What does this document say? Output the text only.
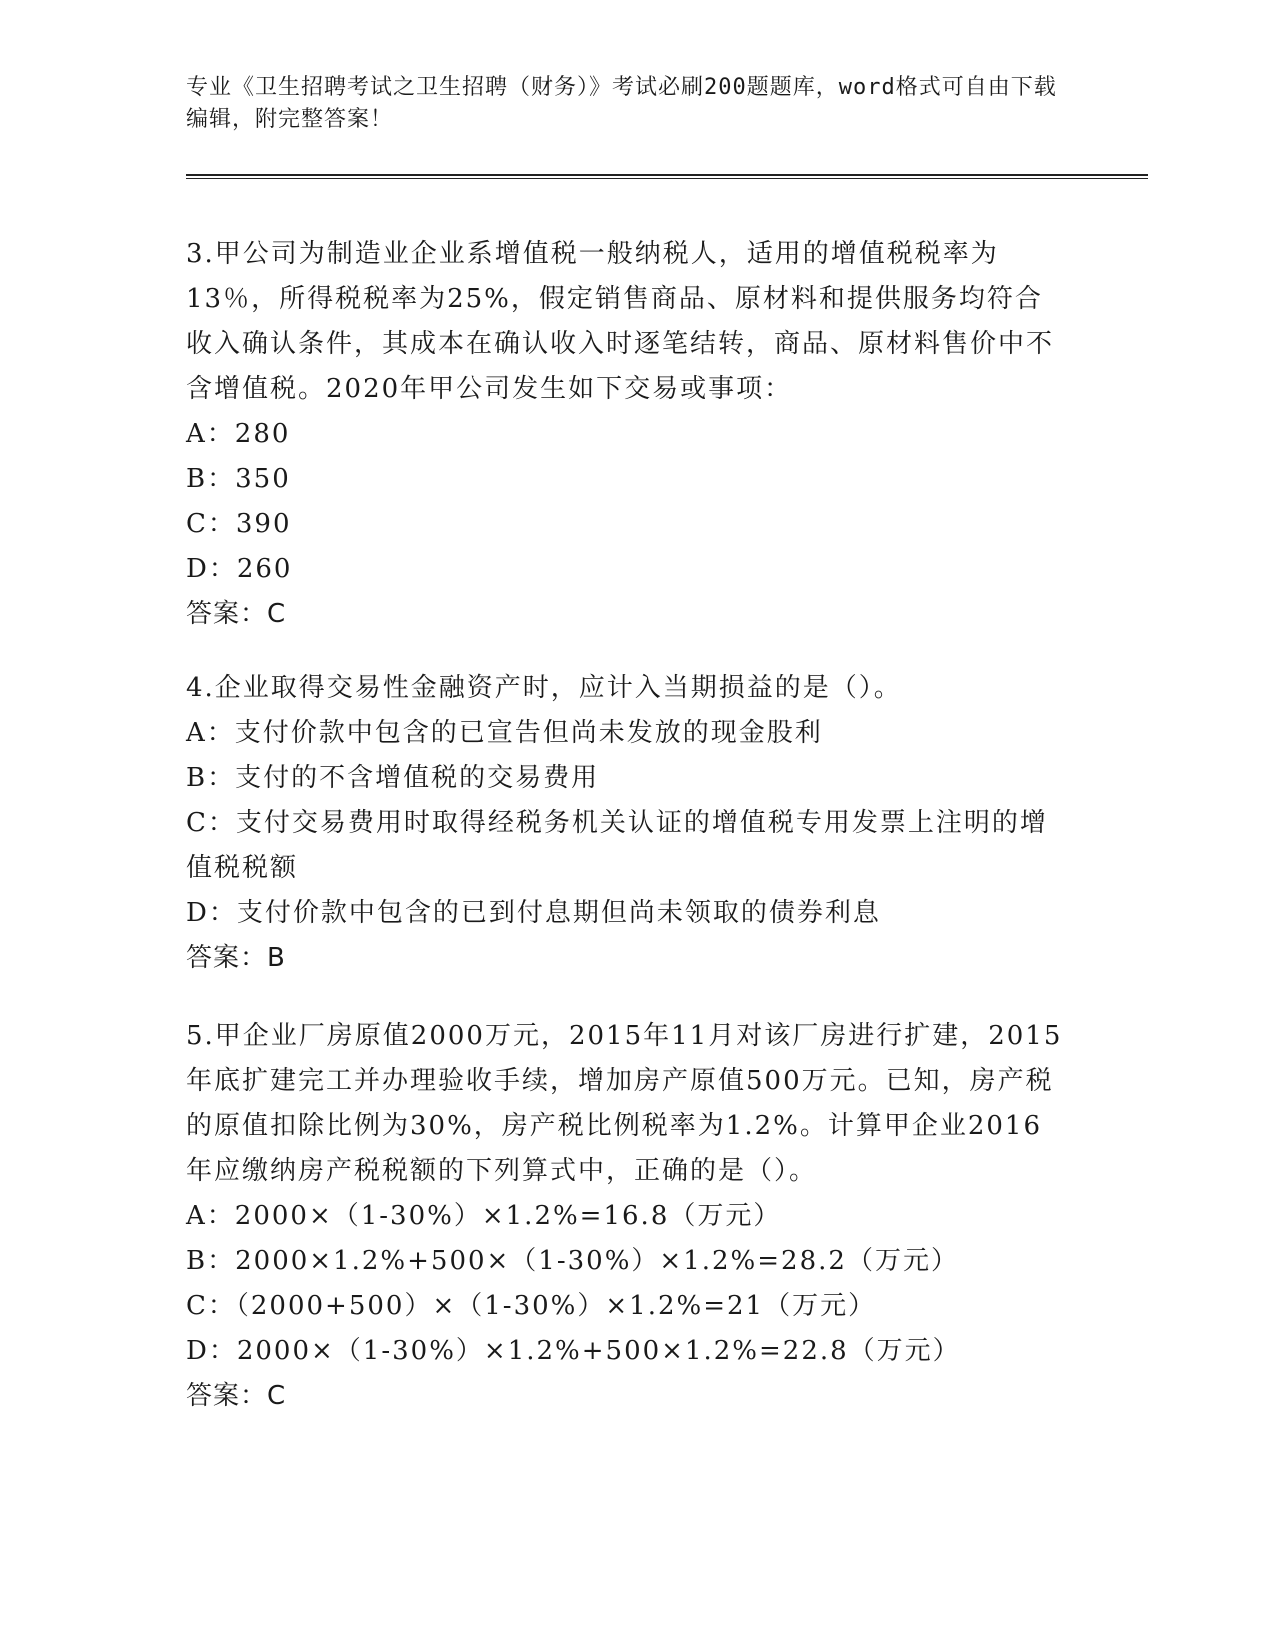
专业《卫生招聘考试之卫生招聘（财务）》考试必刷200题题库，word格式可自由下载编辑，附完整答案！

3.甲公司为制造业企业系增值税一般纳税人，适用的增值税税率为13％，所得税税率为25%，假定销售商品、原材料和提供服务均符合收入确认条件，其成本在确认收入时逐笔结转，商品、原材料售价中不含增值税。2020年甲公司发生如下交易或事项：

A：280

B：350

C：390

D：260

答案：C

4.企业取得交易性金融资产时，应计入当期损益的是（）。

A：支付价款中包含的已宣告但尚未发放的现金股利

B：支付的不含增值税的交易费用

C：支付交易费用时取得经税务机关认证的增值税专用发票上注明的增值税税额

D：支付价款中包含的已到付息期但尚未领取的债券利息

答案：B

5.甲企业厂房原值2000万元，2015年11月对该厂房进行扩建，2015年底扩建完工并办理验收手续，增加房产原值500万元。已知，房产税的原值扣除比例为30%，房产税比例税率为1.2%。计算甲企业2016年应缴纳房产税税额的下列算式中，正确的是（）。

A：2000×（1-30%）×1.2%=16.8（万元）

B：2000×1.2%+500×（1-30%）×1.2%=28.2（万元）

C：（2000+500）×（1-30%）×1.2%=21（万元）

D：2000×（1-30%）×1.2%+500×1.2%=22.8（万元）

答案：C
